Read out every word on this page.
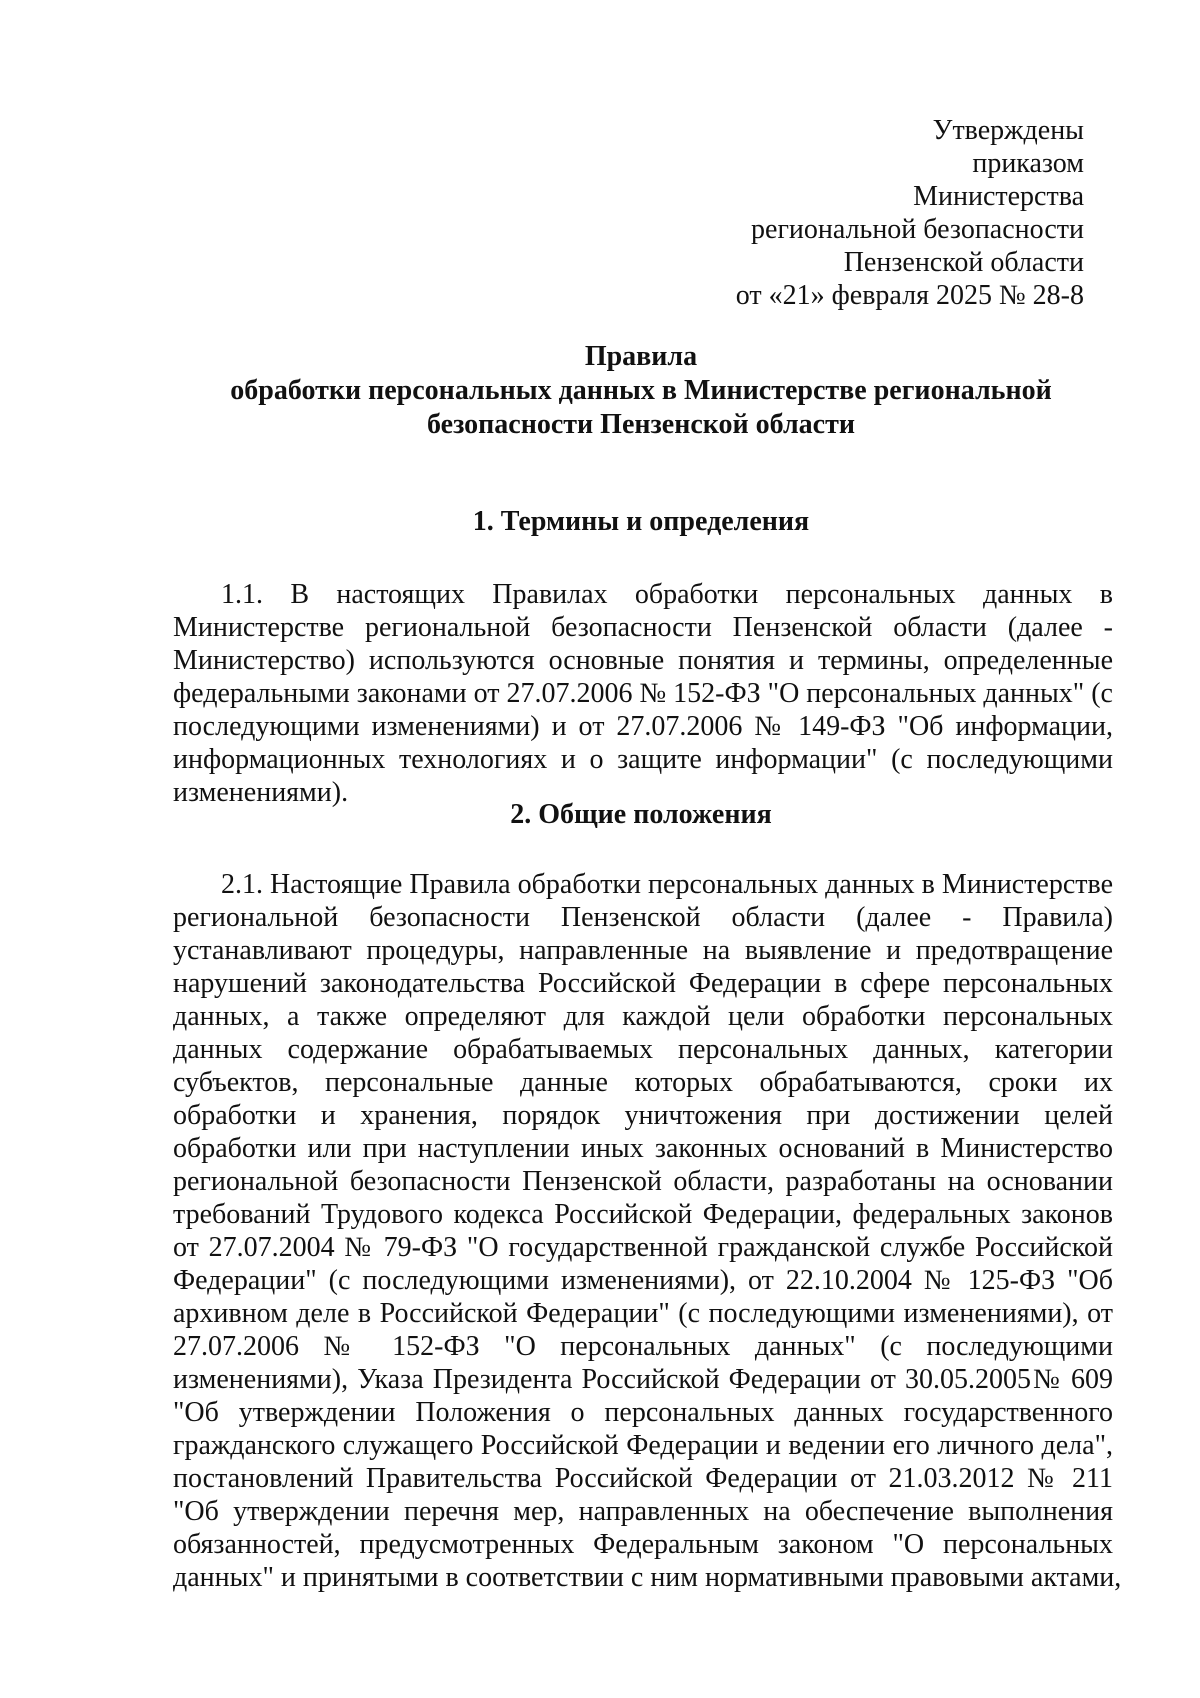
Утверждены
приказом
Министерства
региональной безопасности
Пензенской области
от «21» февраля 2025 № 28-8
Правила
обработки персональных данных в Министерстве региональной
безопасности Пензенской области
1. Термины и определения
1.1. В настоящих Правилах обработки персональных данных в
Министерстве региональной безопасности Пензенской области (далее -
Министерство) используются основные понятия и термины, определенные
федеральными законами от 27.07.2006 № 152-ФЗ "О персональных данных" (с
последующими изменениями) и от 27.07.2006 № 149-ФЗ "Об информации,
информационных технологиях и о защите информации" (с последующими
изменениями).
2. Общие положения
2.1. Настоящие Правила обработки персональных данных в Министерстве
региональной безопасности Пензенской области (далее - Правила)
устанавливают процедуры, направленные на выявление и предотвращение
нарушений законодательства Российской Федерации в сфере персональных
данных, а также определяют для каждой цели обработки персональных
данных содержание обрабатываемых персональных данных, категории
субъектов, персональные данные которых обрабатываются, сроки их
обработки и хранения, порядок уничтожения при достижении целей
обработки или при наступлении иных законных оснований в Министерство
региональной безопасности Пензенской области, разработаны на основании
требований Трудового кодекса Российской Федерации, федеральных законов
от 27.07.2004 № 79-ФЗ "О государственной гражданской службе Российской
Федерации" (с последующими изменениями), от 22.10.2004 № 125-ФЗ "Об
архивном деле в Российской Федерации" (с последующими изменениями), от
27.07.2006 № 152-ФЗ "О персональных данных" (с последующими
изменениями), Указа Президента Российской Федерации от 30.05.2005№ 609
"Об утверждении Положения о персональных данных государственного
гражданского служащего Российской Федерации и ведении его личного дела",
постановлений Правительства Российской Федерации от 21.03.2012 № 211
"Об утверждении перечня мер, направленных на обеспечение выполнения
обязанностей, предусмотренных Федеральным законом "О персональных
данных" и принятыми в соответствии с ним нормативными правовыми актами,
